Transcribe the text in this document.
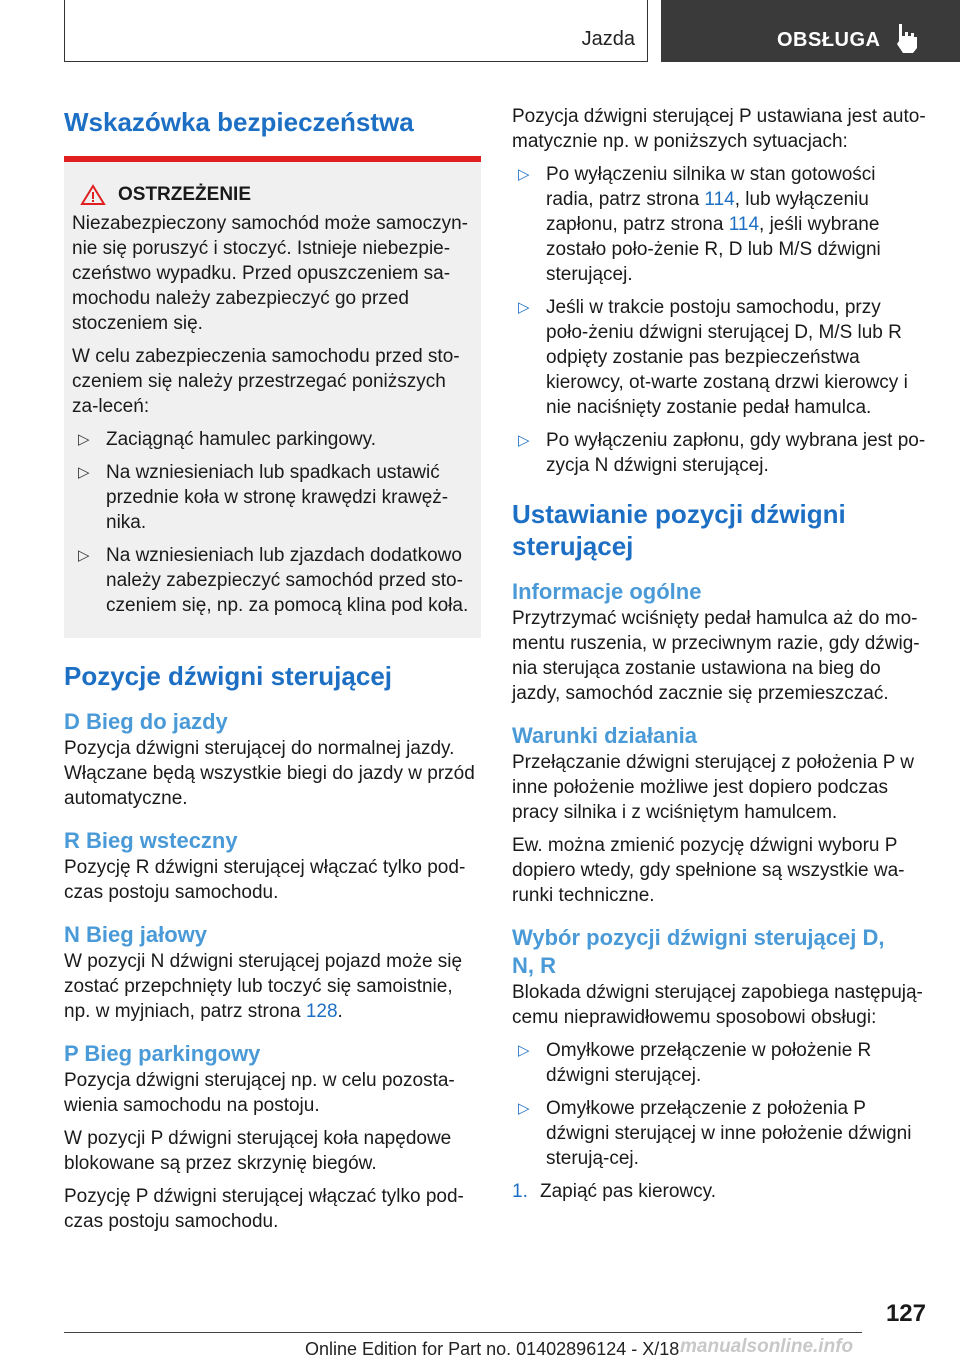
Jazda	OBSŁUGA
Wskazówka bezpieczeństwa
OSTRZEŻENIE

Niezabezpieczony samochód może samoczyn-nie się poruszyć i stoczyć. Istnieje niebezpie-czeństwo wypadku. Przed opuszczeniem sa-mochodu należy zabezpieczyć go przed stoczeniem się.

W celu zabezpieczenia samochodu przed sto-czeniem się należy przestrzegać poniższych za-leceń:

▷ Zaciągnąć hamulec parkingowy.
▷ Na wzniesieniach lub spadkach ustawić przednie koła w stronę krawędzi krawęż-nika.
▷ Na wzniesieniach lub zjazdach dodatkowo należy zabezpieczyć samochód przed sto-czeniem się, np. za pomocą klina pod koła.
Pozycje dźwigni sterującej
D Bieg do jazdy

Pozycja dźwigni sterującej do normalnej jazdy. Włączane będą wszystkie biegi do jazdy w przód automatyczne.

R Bieg wsteczny

Pozycję R dźwigni sterującej włączać tylko pod-czas postoju samochodu.

N Bieg jałowy

W pozycji N dźwigni sterującej pojazd może się zostać przepchnięty lub toczyć się samoistnie, np. w myjniach, patrz strona 128.

P Bieg parkingowy

Pozycja dźwigni sterującej np. w celu pozosta-wienia samochodu na postoju.

W pozycji P dźwigni sterującej koła napędowe blokowane są przez skrzynię biegów.

Pozycję P dźwigni sterującej włączać tylko pod-czas postoju samochodu.

Pozycja dźwigni sterującej P ustawiana jest auto-matycznie np. w poniższych sytuacjach:

▷ Po wyłączeniu silnika w stan gotowości radia, patrz strona 114, lub wyłączeniu zapłonu, patrz strona 114, jeśli wybrane zostało poło-żenie R, D lub M/S dźwigni sterującej.
▷ Jeśli w trakcie postoju samochodu, przy poło-żeniu dźwigni sterującej D, M/S lub R odpięty zostanie pas bezpieczeństwa kierowcy, ot-warte zostaną drzwi kierowcy i nie naciśnięty zostanie pedał hamulca.
▷ Po wyłączeniu zapłonu, gdy wybrana jest po-zycja N dźwigni sterującej.
Ustawianie pozycji dźwigni sterującej
Informacje ogólne

Przytrzymać wciśnięty pedał hamulca aż do mo-mentu ruszenia, w przeciwnym razie, gdy dźwig-nia sterująca zostanie ustawiona na bieg do jazdy, samochód zacznie się przemieszczać.

Warunki działania

Przełączanie dźwigni sterującej z położenia P w inne położenie możliwe jest dopiero podczas pracy silnika i z wciśniętym hamulcem.

Ew. można zmienić pozycję dźwigni wyboru P dopiero wtedy, gdy spełnione są wszystkie wa-runki techniczne.

Wybór pozycji dźwigni sterującej D, N, R

Blokada dźwigni sterującej zapobiega następują-cemu nieprawidłowemu sposobowi obsługi:

▷ Omyłkowe przełączenie w położenie R dźwigni sterującej.
▷ Omyłkowe przełączenie z położenia P dźwigni sterującej w inne położenie dźwigni sterują-cej.
1. Zapiąć pas kierowcy.
127
Online Edition for Part no. 01402896124 - X/18 manualsonline.info
